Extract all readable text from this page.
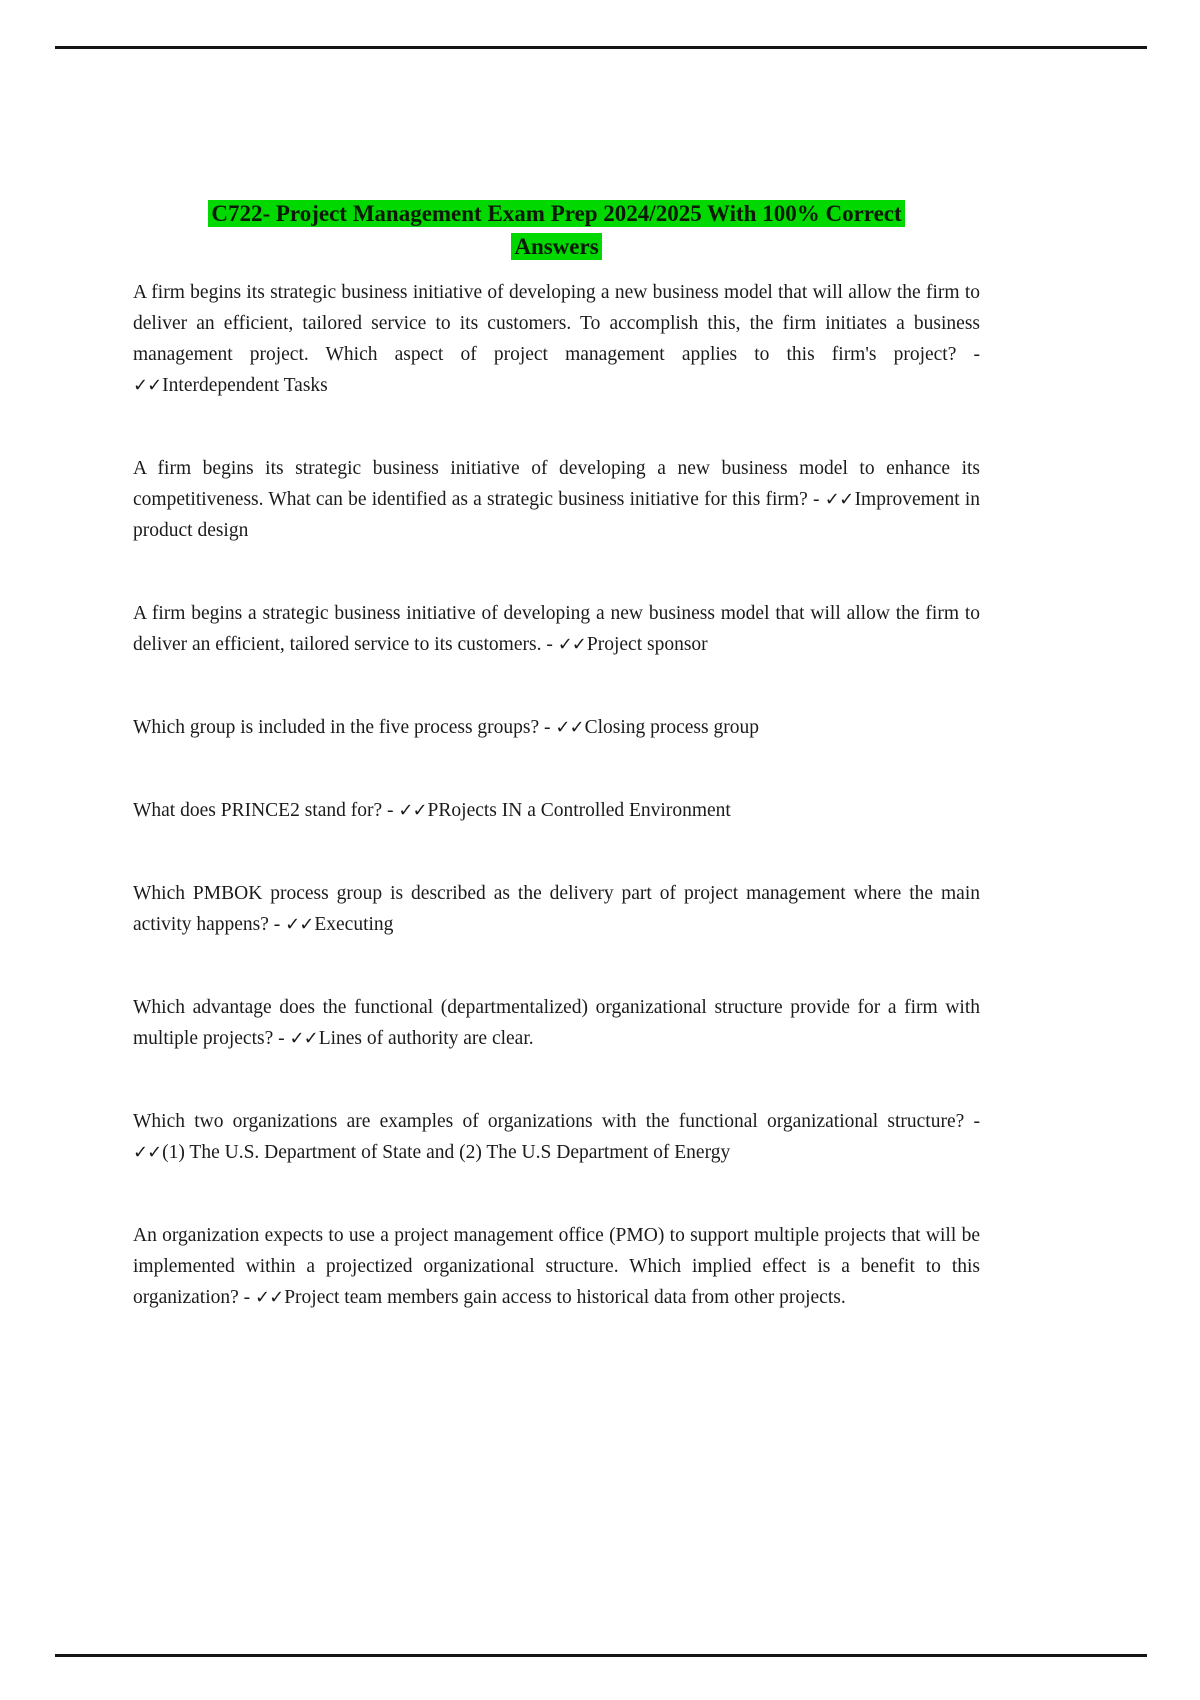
C722- Project Management Exam Prep 2024/2025 With 100% Correct
Answers

A firm begins its strategic business initiative of developing a new business model that will allow the firm to deliver an efficient, tailored service to its customers. To accomplish this, the firm initiates a business management project. Which aspect of project management applies to this firm's project? - ✓✓Interdependent Tasks

A firm begins its strategic business initiative of developing a new business model to enhance its competitiveness. What can be identified as a strategic business initiative for this firm? - ✓✓Improvement in product design

A firm begins a strategic business initiative of developing a new business model that will allow the firm to deliver an efficient, tailored service to its customers. - ✓✓Project sponsor

Which group is included in the five process groups? - ✓✓Closing process group

What does PRINCE2 stand for? - ✓✓PRojects IN a Controlled Environment

Which PMBOK process group is described as the delivery part of project management where the main activity happens? - ✓✓Executing

Which advantage does the functional (departmentalized) organizational structure provide for a firm with multiple projects? - ✓✓Lines of authority are clear.

Which two organizations are examples of organizations with the functional organizational structure? - ✓✓(1) The U.S. Department of State and (2) The U.S Department of Energy

An organization expects to use a project management office (PMO) to support multiple projects that will be implemented within a projectized organizational structure. Which implied effect is a benefit to this organization? - ✓✓Project team members gain access to historical data from other projects.
